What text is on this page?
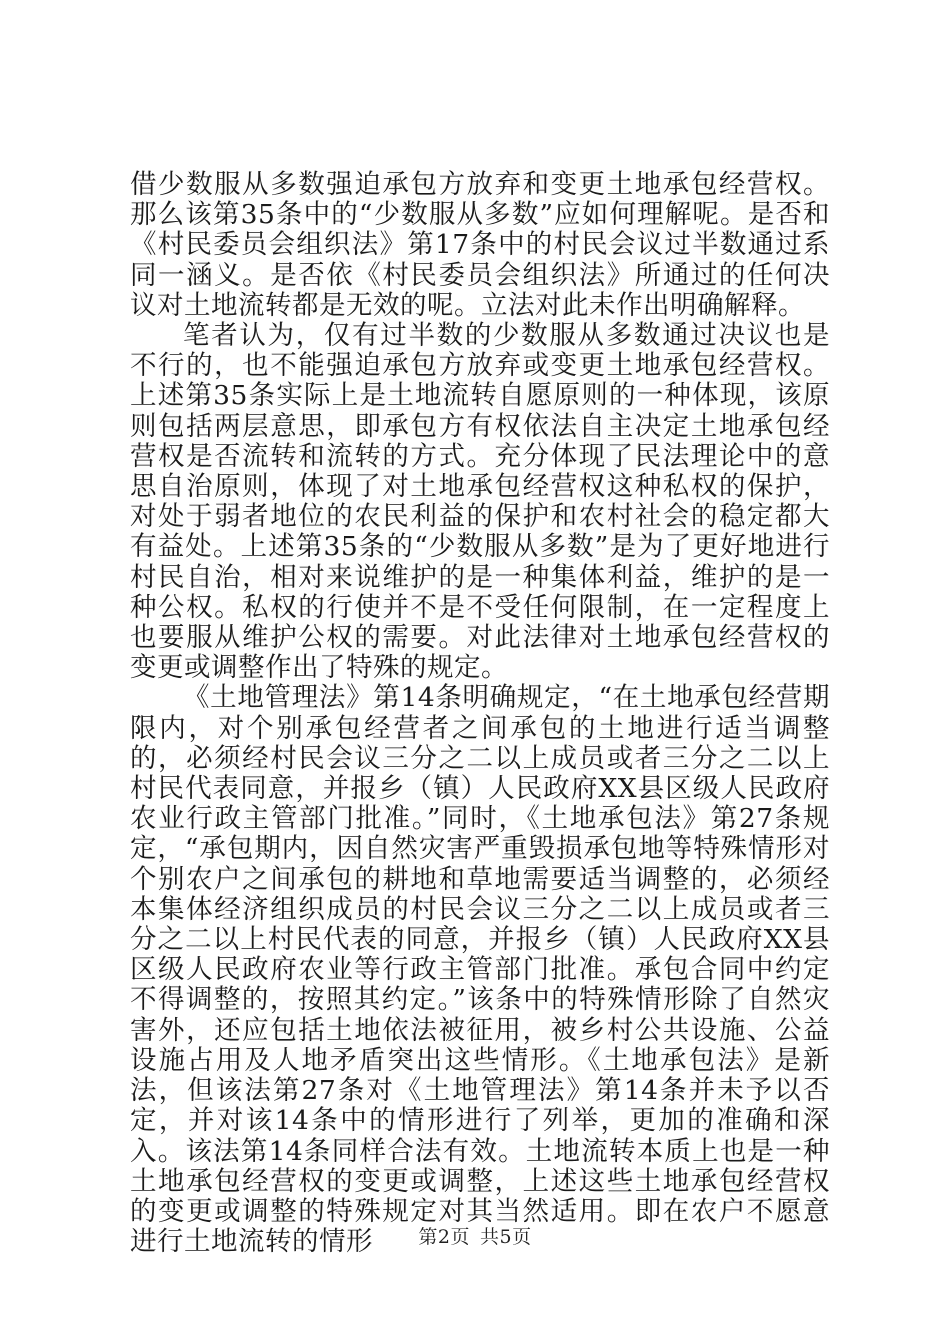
借少数服从多数强迫承包方放弃和变更土地承包经营权。那么该第35条中的“少数服从多数”应如何理解呢。是否和《村民委员会组织法》第17条中的村民会议过半数通过系同一涵义。是否依《村民委员会组织法》所通过的任何决议对土地流转都是无效的呢。立法对此未作出明确解释。

笔者认为，仅有过半数的少数服从多数通过决议也是不行的，也不能强迫承包方放弃或变更土地承包经营权。上述第35条实际上是土地流转自愿原则的一种体现，该原则包括两层意思，即承包方有权依法自主决定土地承包经营权是否流转和流转的方式。充分体现了民法理论中的意思自治原则，体现了对土地承包经营权这种私权的保护，对处于弱者地位的农民利益的保护和农村社会的稳定都大有益处。上述第35条的“少数服从多数”是为了更好地进行村民自治，相对来说维护的是一种集体利益，维护的是一种公权。私权的行使并不是不受任何限制，在一定程度上也要服从维护公权的需要。对此法律对土地承包经营权的变更或调整作出了特殊的规定。

《土地管理法》第14条明确规定，“在土地承包经营期限内，对个别承包经营者之间承包的土地进行适当调整的，必须经村民会议三分之二以上成员或者三分之二以上村民代表同意，并报乡（镇）人民政府XX县区级人民政府农业行政主管部门批准。”同时，《土地承包法》第27条规定，“承包期内，因自然灾害严重毁损承包地等特殊情形对个别农户之间承包的耕地和草地需要适当调整的，必须经本集体经济组织成员的村民会议三分之二以上成员或者三分之二以上村民代表的同意，并报乡（镇）人民政府XX县区级人民政府农业等行政主管部门批准。承包合同中约定不得调整的，按照其约定。”该条中的特殊情形除了自然灾害外，还应包括土地依法被征用，被乡村公共设施、公益设施占用及人地矛盾突出这些情形。《土地承包法》是新法，但该法第27条对《土地管理法》第14条并未予以否定，并对该14条中的情形进行了列举，更加的准确和深入。该法第14条同样合法有效。土地流转本质上也是一种土地承包经营权的变更或调整，上述这些土地承包经营权的变更或调整的特殊规定对其当然适用。即在农户不愿意进行土地流转的情形	第2页 共5页
